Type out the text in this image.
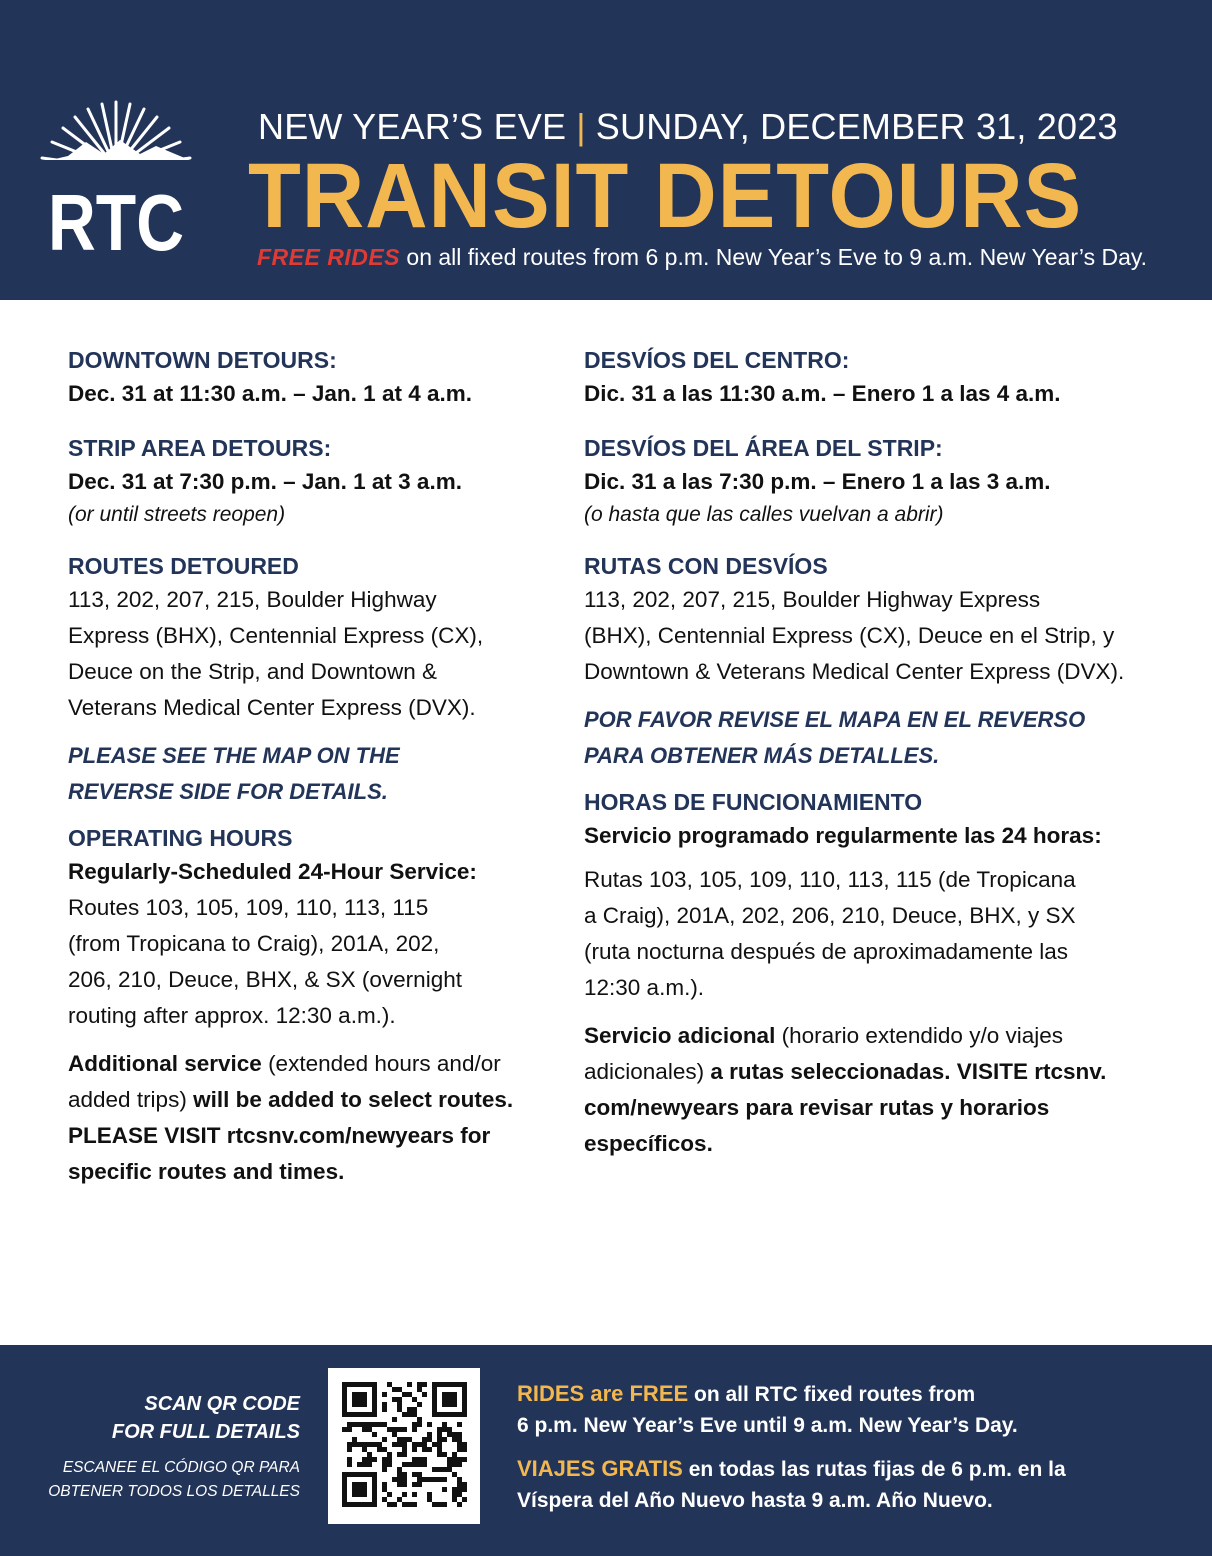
RTC
NEW YEAR’S EVE | SUNDAY, DECEMBER 31, 2023
TRANSIT DETOURS
FREE RIDES on all fixed routes from 6 p.m. New Year’s Eve to 9 a.m. New Year’s Day.

DOWNTOWN DETOURS:

Dec. 31 at 11:30 a.m. – Jan. 1 at 4 a.m.

STRIP AREA DETOURS:

Dec. 31 at 7:30 p.m. – Jan. 1 at 3 a.m.

(or until streets reopen)

ROUTES DETOURED

113, 202, 207, 215, Boulder Highway

Express (BHX), Centennial Express (CX),

Deuce on the Strip, and Downtown &

Veterans Medical Center Express (DVX).

PLEASE SEE THE MAP ON THE

REVERSE SIDE FOR DETAILS.

OPERATING HOURS

Regularly-Scheduled 24-Hour Service:

Routes 103, 105, 109, 110, 113, 115

(from Tropicana to Craig), 201A, 202,

206, 210, Deuce, BHX, & SX (overnight

routing after approx. 12:30 a.m.).

Additional service (extended hours and/or

added trips) will be added to select routes.

PLEASE VISIT rtcsnv.com/newyears for

specific routes and times.

DESVÍOS DEL CENTRO:

Dic. 31 a las 11:30 a.m. – Enero 1 a las 4 a.m.

DESVÍOS DEL ÁREA DEL STRIP:

Dic. 31 a las 7:30 p.m. – Enero 1 a las 3 a.m.

(o hasta que las calles vuelvan a abrir)

RUTAS CON DESVÍOS

113, 202, 207, 215, Boulder Highway Express

(BHX), Centennial Express (CX), Deuce en el Strip, y

Downtown & Veterans Medical Center Express (DVX).

POR FAVOR REVISE EL MAPA EN EL REVERSO

PARA OBTENER MÁS DETALLES.

HORAS DE FUNCIONAMIENTO

Servicio programado regularmente las 24 horas:

Rutas 103, 105, 109, 110, 113, 115 (de Tropicana

a Craig), 201A, 202, 206, 210, Deuce, BHX, y SX

(ruta nocturna después de aproximadamente las

12:30 a.m.).

Servicio adicional (horario extendido y/o viajes

adicionales) a rutas seleccionadas. VISITE rtcsnv.

com/newyears para revisar rutas y horarios

específicos.

SCAN QR CODE
FOR FULL DETAILS
ESCANEE EL CÓDIGO QR PARA
OBTENER TODOS LOS DETALLES
RIDES are FREE on all RTC fixed routes from
6 p.m. New Year’s Eve until 9 a.m. New Year’s Day.
VIAJES GRATIS en todas las rutas fijas de 6 p.m. en la
Víspera del Año Nuevo hasta 9 a.m. Año Nuevo.
